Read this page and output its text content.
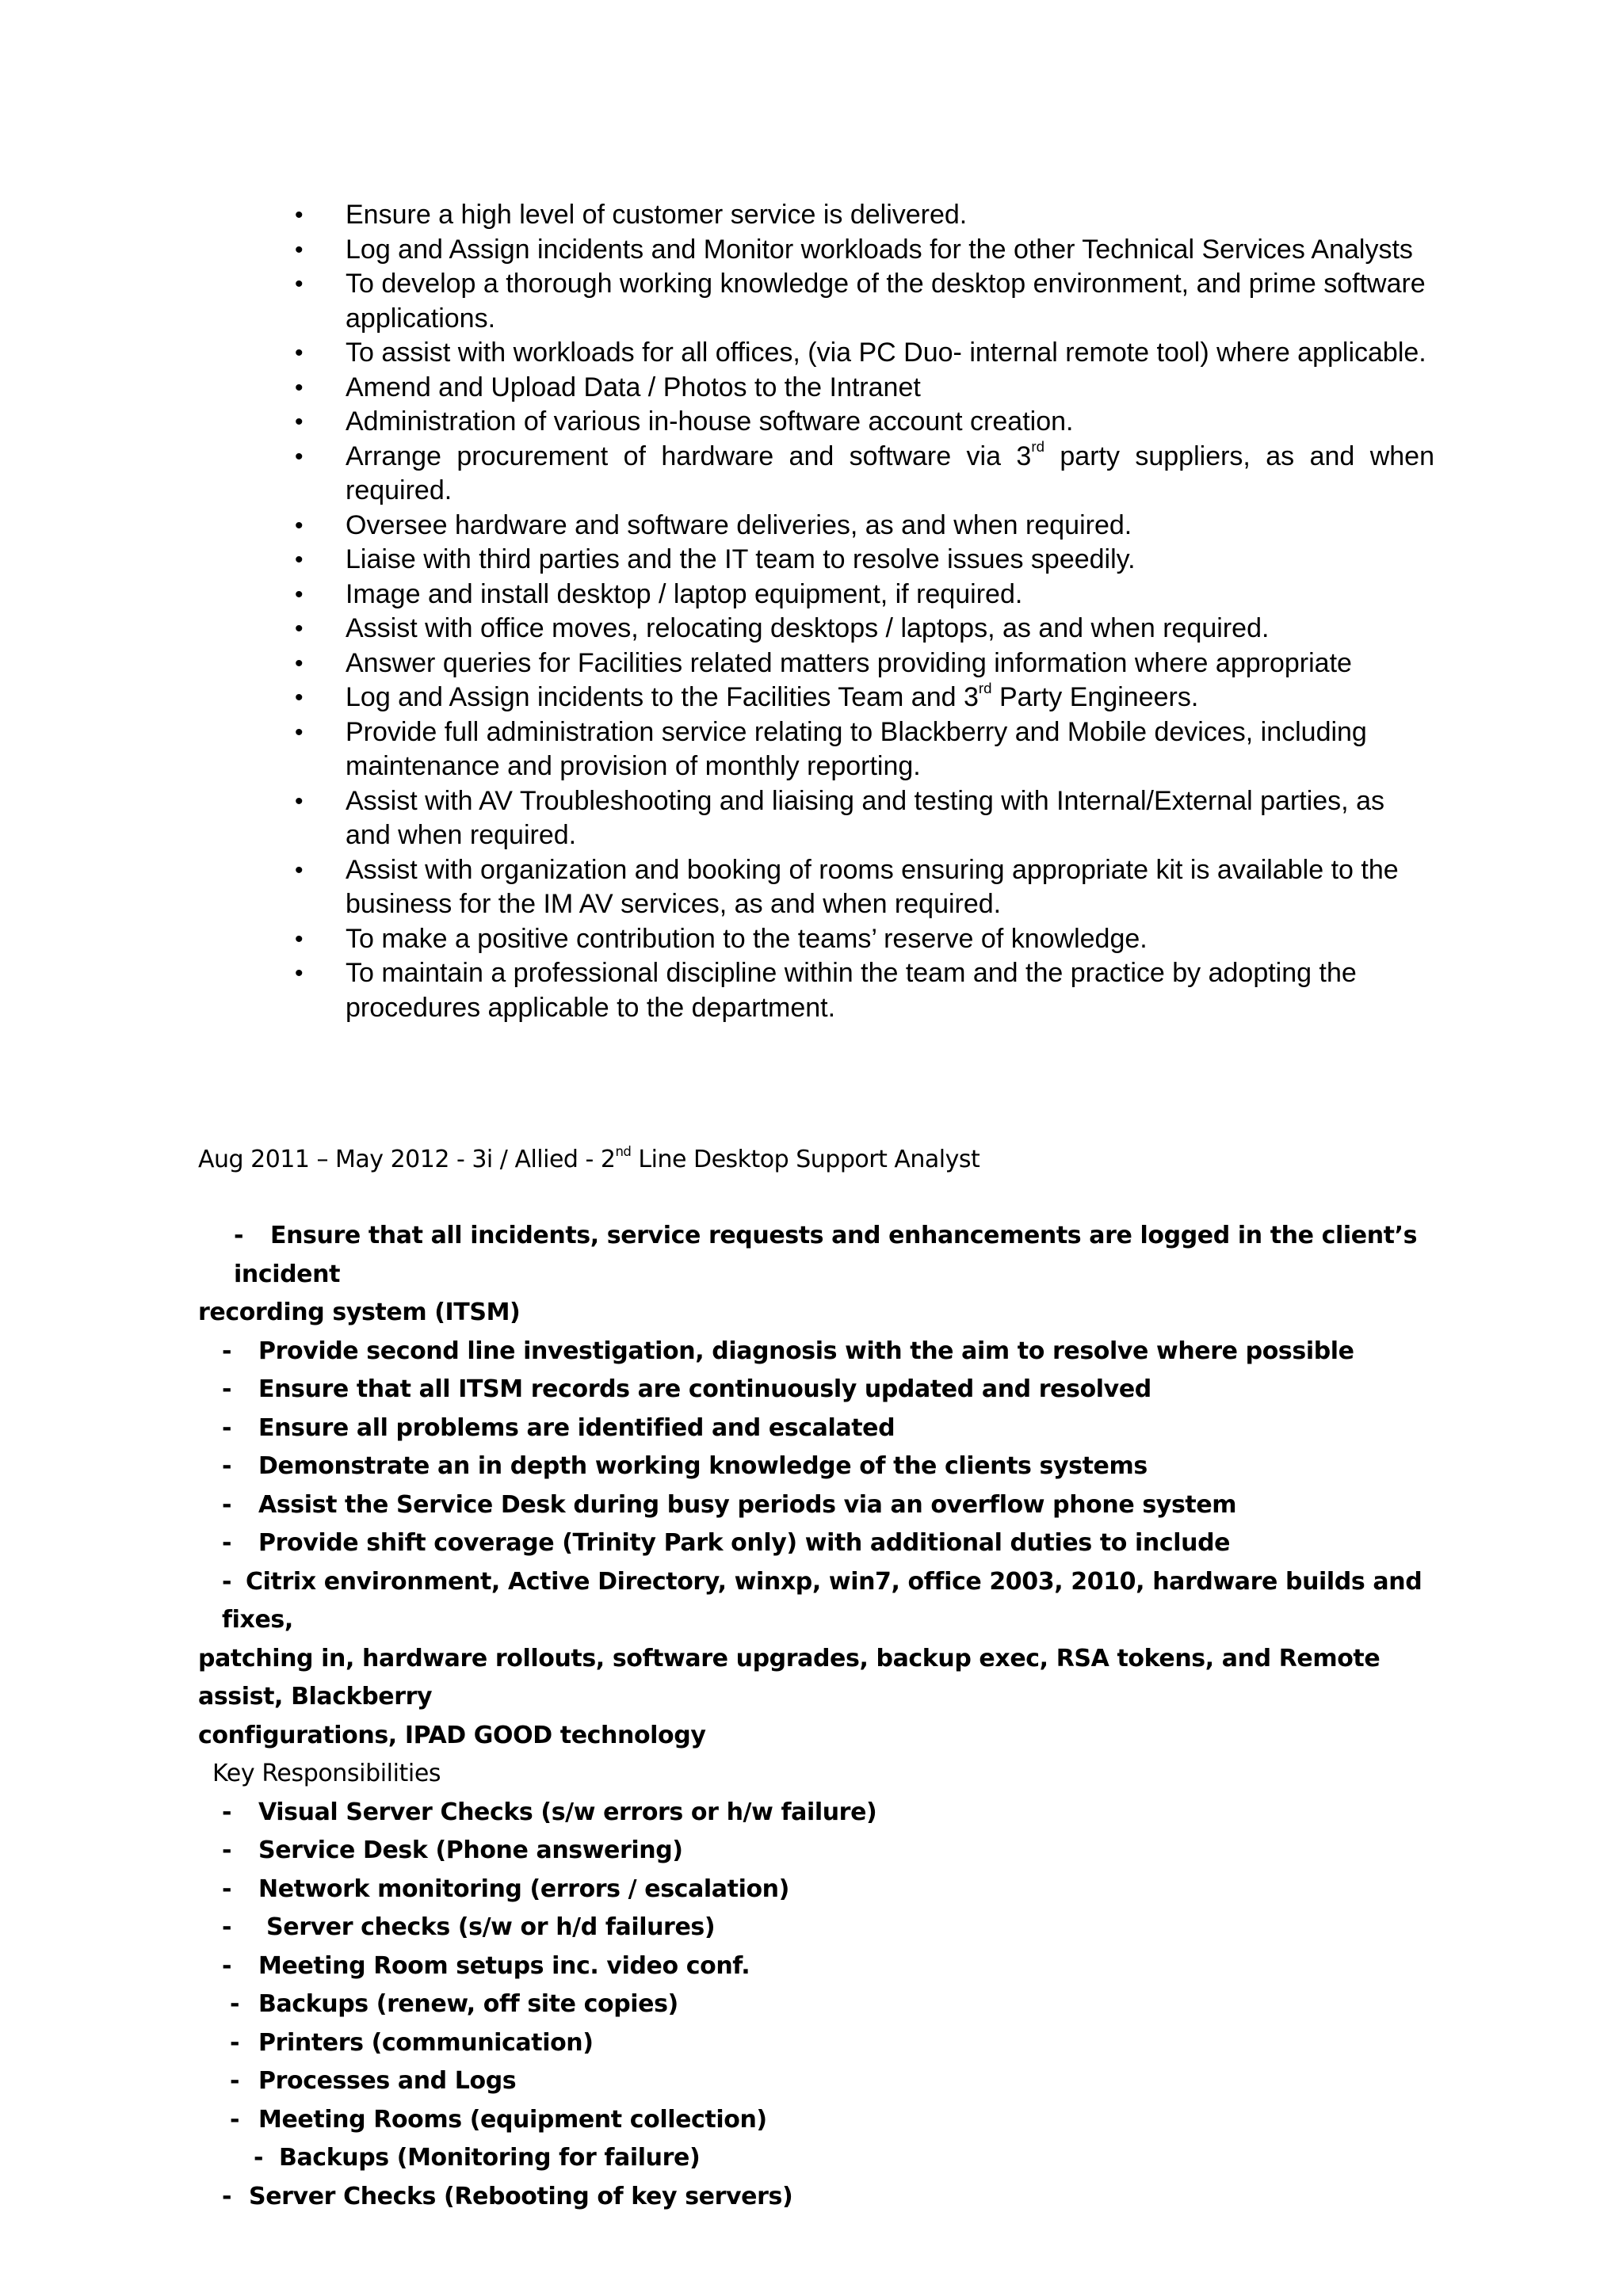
• Ensure a high level of customer service is delivered.
• Log and Assign incidents and Monitor workloads for the other Technical Services Analysts
• To develop a thorough working knowledge of the desktop environment, and prime software applications.
• To assist with workloads for all offices, (via PC Duo- internal remote tool) where applicable.
• Amend and Upload Data / Photos to the Intranet
• Administration of various in-house software account creation.
• Arrange procurement of hardware and software via 3rd party suppliers, as and when
required.
• Oversee hardware and software deliveries, as and when required.
• Liaise with third parties and the IT team to resolve issues speedily.
• Image and install desktop / laptop equipment, if required.
• Assist with office moves, relocating desktops / laptops, as and when required.
• Answer queries for Facilities related matters providing information where appropriate
• Log and Assign incidents to the Facilities Team and 3rd Party Engineers.
• Provide full administration service relating to Blackberry and Mobile devices, including maintenance and provision of monthly reporting.
• Assist with AV Troubleshooting and liaising and testing with Internal/External parties, as and when required.
• Assist with organization and booking of rooms ensuring appropriate kit is available to the business for the IM AV services, as and when required.
• To make a positive contribution to the teams’ reserve of knowledge.
• To maintain a professional discipline within the team and the practice by adopting the procedures applicable to the department.
Aug 2011 – May 2012 - 3i / Allied - 2nd Line Desktop Support Analyst
- Ensure that all incidents, service requests and enhancements are logged in the client’s incident
recording system (ITSM)
- Provide second line investigation, diagnosis with the aim to resolve where possible
- Ensure that all ITSM records are continuously updated and resolved
- Ensure all problems are identified and escalated
- Demonstrate an in depth working knowledge of the clients systems
- Assist the Service Desk during busy periods via an overflow phone system
- Provide shift coverage (Trinity Park only) with additional duties to include
- Citrix environment, Active Directory, winxp, win7, office 2003, 2010, hardware builds and fixes,
patching in, hardware rollouts, software upgrades, backup exec, RSA tokens, and Remote assist, Blackberry
configurations, IPAD GOOD technology
Key Responsibilities
- Visual Server Checks (s/w errors or h/w failure)
- Service Desk (Phone answering)
- Network monitoring (errors / escalation)
- Server checks (s/w or h/d failures)
- Meeting Room setups inc. video conf.
- Backups (renew, off site copies)
- Printers (communication)
- Processes and Logs
- Meeting Rooms (equipment collection)
- Backups (Monitoring for failure)
- Server Checks (Rebooting of key servers)
